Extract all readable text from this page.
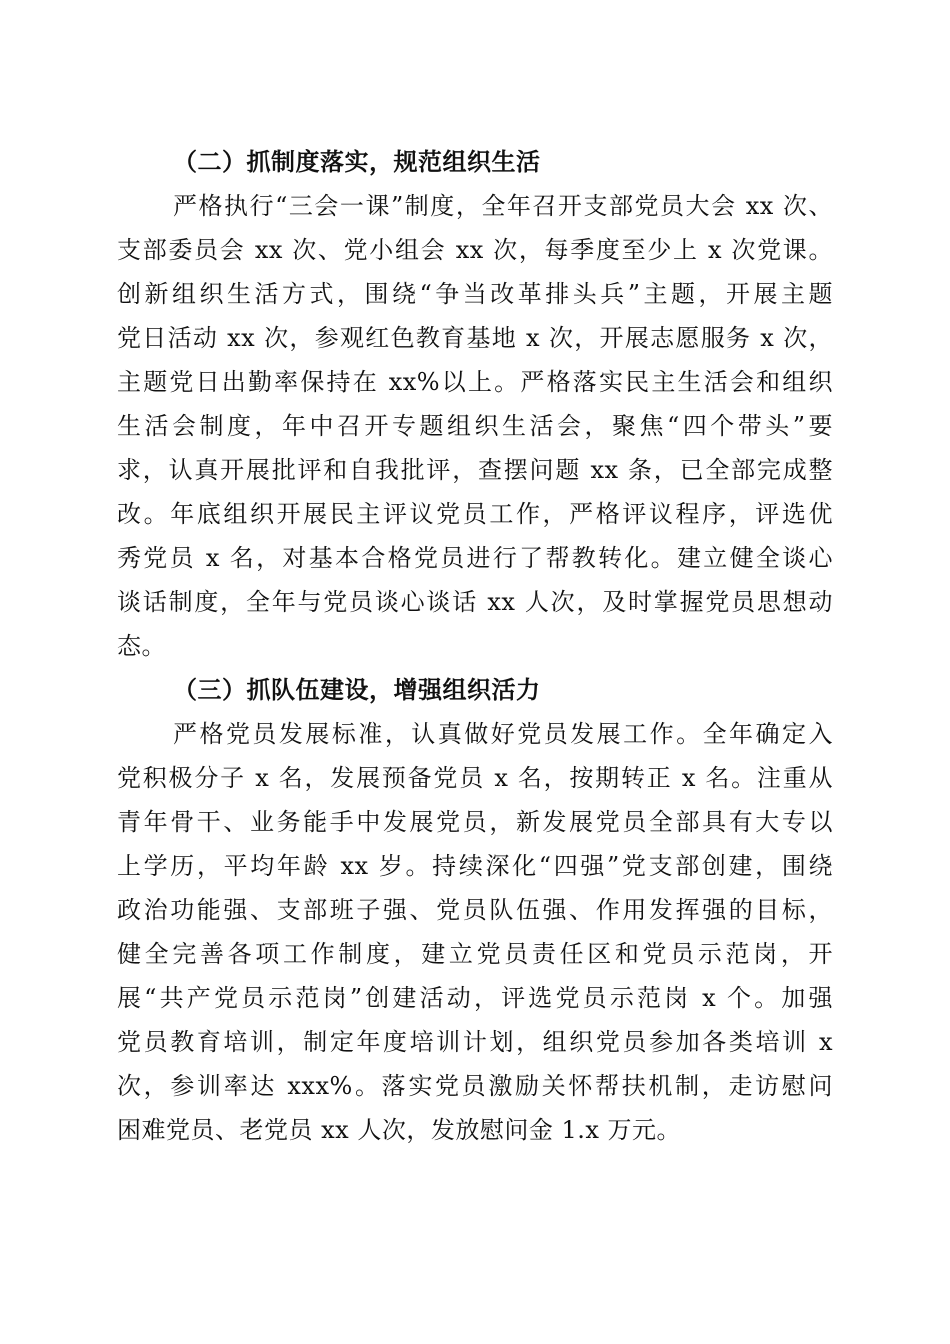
（二）抓制度落实，规范组织生活

严格执行“三会一课”制度，全年召开支部党员大会 xx 次、
支部委员会 xx 次、党小组会 xx 次，每季度至少上 x 次党课。
创新组织生活方式，围绕“争当改革排头兵”主题，开展主题
党日活动 xx 次，参观红色教育基地 x 次，开展志愿服务 x 次，
主题党日出勤率保持在 xx%以上。严格落实民主生活会和组织
生活会制度，年中召开专题组织生活会，聚焦“四个带头”要
求，认真开展批评和自我批评，查摆问题 xx 条，已全部完成整
改。年底组织开展民主评议党员工作，严格评议程序，评选优
秀党员 x 名，对基本合格党员进行了帮教转化。建立健全谈心
谈话制度，全年与党员谈心谈话 xx 人次，及时掌握党员思想动
态。

（三）抓队伍建设，增强组织活力

严格党员发展标准，认真做好党员发展工作。全年确定入
党积极分子 x 名，发展预备党员 x 名，按期转正 x 名。注重从
青年骨干、业务能手中发展党员，新发展党员全部具有大专以
上学历，平均年龄 xx 岁。持续深化“四强”党支部创建，围绕
政治功能强、支部班子强、党员队伍强、作用发挥强的目标，
健全完善各项工作制度，建立党员责任区和党员示范岗，开
展“共产党员示范岗”创建活动，评选党员示范岗 x 个。加强
党员教育培训，制定年度培训计划，组织党员参加各类培训 x
次，参训率达 xxx%。落实党员激励关怀帮扶机制，走访慰问
困难党员、老党员 xx 人次，发放慰问金 1.x 万元。
